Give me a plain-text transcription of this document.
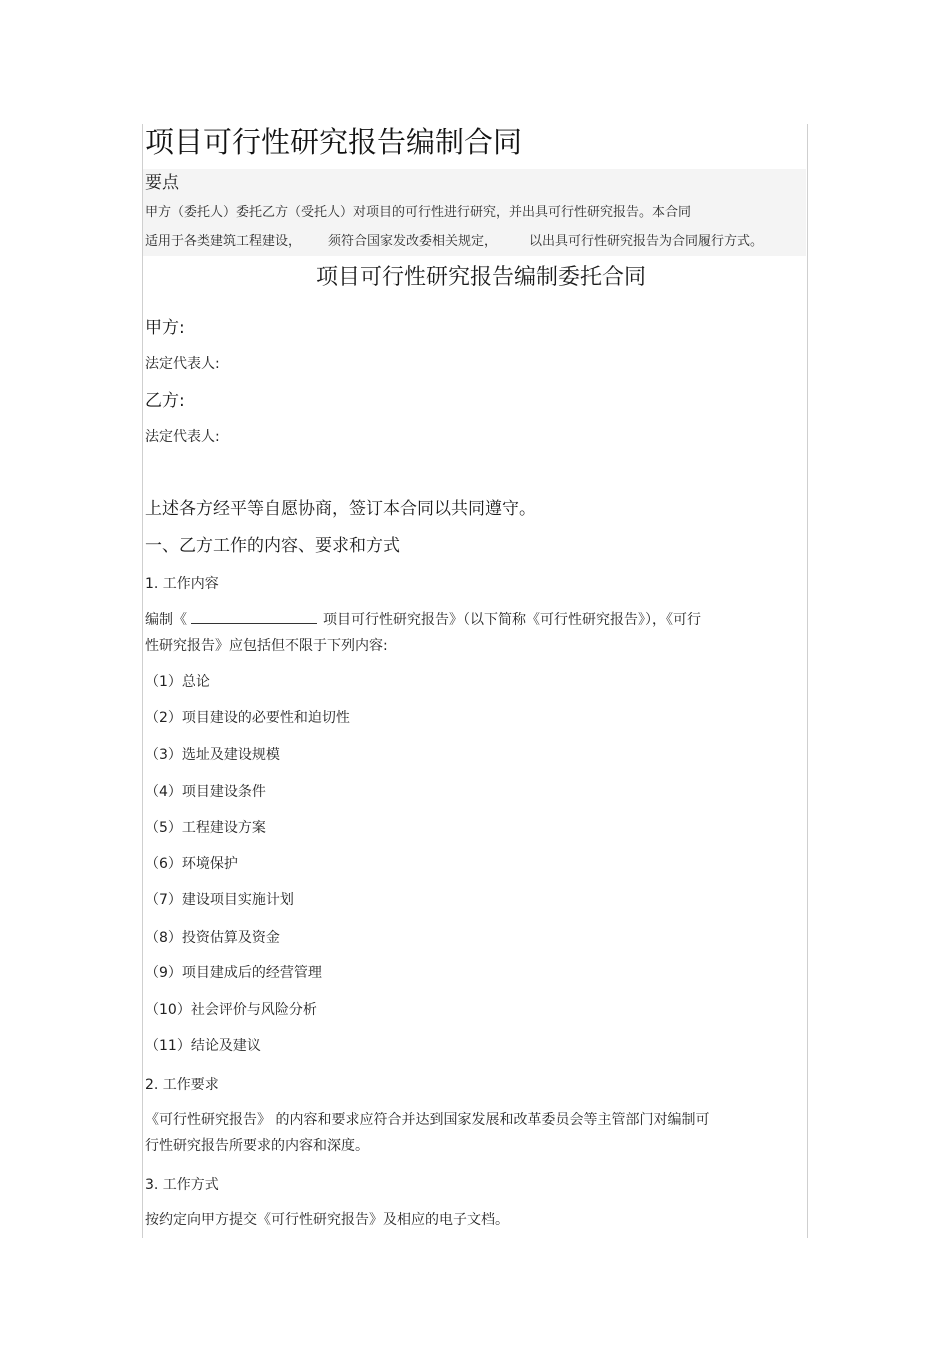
项目可行性研究报告编制合同
要点
甲方（委托人）委托乙方（受托人）对项目的可行性进行研究，并出具可行性研究报告。本合同
适用于各类建筑工程建设， 须符合国家发改委相关规定， 以出具可行性研究报告为合同履行方式。
项目可行性研究报告编制委托合同
甲方:
法定代表人:
乙方:
法定代表人:
上述各方经平等自愿协商，签订本合同以共同遵守。
一、乙方工作的内容、要求和方式
1. 工作内容
编制《	项目可行性研究报告》（以下简称《可行性研究报告》），《可行
性研究报告》应包括但不限于下列内容:
（1）总论
（2）项目建设的必要性和迫切性
（3）选址及建设规模
（4）项目建设条件
（5）工程建设方案
（6）环境保护
（7）建设项目实施计划
（8）投资估算及资金
（9）项目建成后的经营管理
（10）社会评价与风险分析
（11）结论及建议
2. 工作要求
《可行性研究报告》 的内容和要求应符合并达到国家发展和改革委员会等主管部门对编制可
行性研究报告所要求的内容和深度。
3. 工作方式
按约定向甲方提交《可行性研究报告》及相应的电子文档。
